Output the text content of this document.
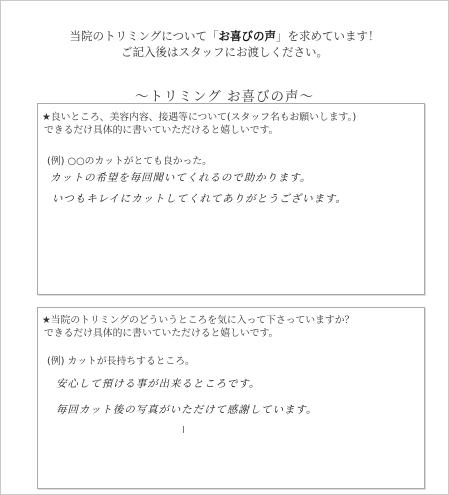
当院のトリミングについて「お喜びの声」を求めています！
ご記入後はスタッフにお渡しください。
〜トリミング お喜びの声〜
★良いところ、美容内容、接遇等について(スタッフ名もお願いします。)
できるだけ具体的に書いていただけると嬉しいです。
(例) ○○のカットがとても良かった。
カットの希望を毎回聞いてくれるので助かります。
いつもキレイにカットしてくれてありがとうございます。
★当院のトリミングのどういうところを気に入って下さっていますか？
できるだけ具体的に書いていただけると嬉しいです。
(例) カットが長持ちするところ。
安心して預ける事が出来るところです。
毎回カット後の写真がいただけて感謝しています。
